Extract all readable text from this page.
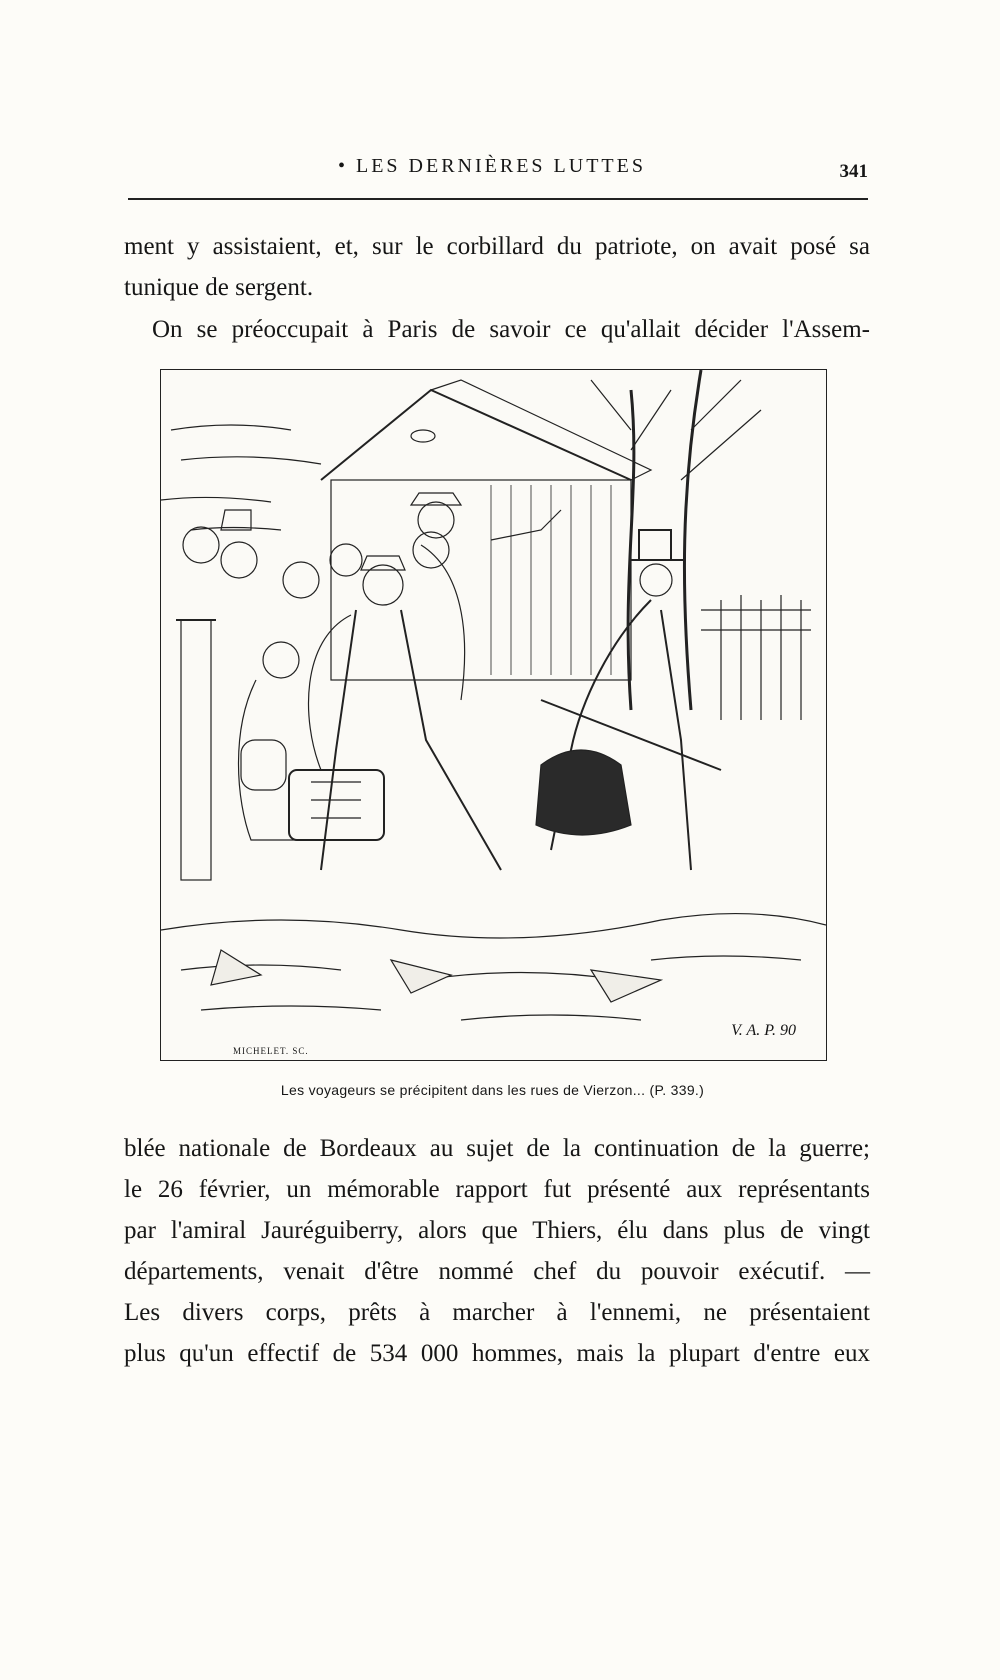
• LES DERNIÈRES LUTTES	341
ment y assistaient, et, sur le corbillard du patriote, on avait posé sa
tunique de sergent.
On se préoccupait à Paris de savoir ce qu'allait décider l'Assem-
MICHELET. SC.
V. A. P. 90
Les voyageurs se précipitent dans les rues de Vierzon... (P. 339.)
blée nationale de Bordeaux au sujet de la continuation de la guerre;
le 26 février, un mémorable rapport fut présenté aux représentants
par l'amiral Jauréguiberry, alors que Thiers, élu dans plus de vingt
départements, venait d'être nommé chef du pouvoir exécutif. —
Les divers corps, prêts à marcher à l'ennemi, ne présentaient
plus qu'un effectif de 534 000 hommes, mais la plupart d'entre eux
